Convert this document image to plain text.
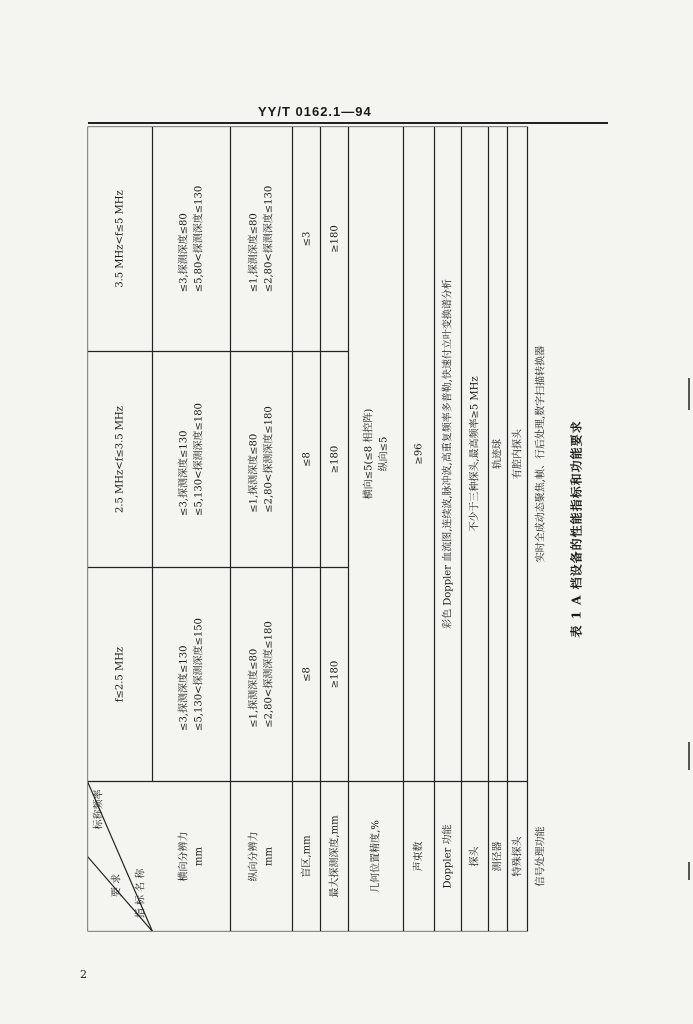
YY/T 0162.1—94
2
标称频率
要 求 指 标 名 称
f≤2.5 MHz
2.5 MHz<f≤3.5 MHz
3.5 MHz<f≤5 MHz
横向分辨力 mm
≤3,探测深度≤130 ≤5,130<探测深度≤150
≤3,探测深度≤130 ≤5,130<探测深度≤180
≤3,探测深度≤80 ≤5,80<探测深度≤130
纵向分辨力 mm
≤1,探测深度≤80 ≤2,80<探测深度≤180
≤1,探测深度≤80 ≤2,80<探测深度≤180
≤1,探测深度≤80 ≤2,80<探测深度≤130
盲区,mm
≤8
≤8
≤3
最大探测深度,mm
≥180
≥180
≥180
几何位置精度,%
横向≤5(≤8 相控阵) 纵向≤5
声束数
≥96
Doppler 功能
彩色 Doppler 血流图,连续波,脉冲波,高重复频率多普勒,快速付立叶变换谱分析
探头
不少于三种探头,最高频率≥5 MHz
测径器
轨迹球
特殊探头
有腔内探头
信号处理功能
实时全成动态聚焦,帧、行后处理,数字扫描转换器	表 1 A 档设备的性能指标和功能要求
